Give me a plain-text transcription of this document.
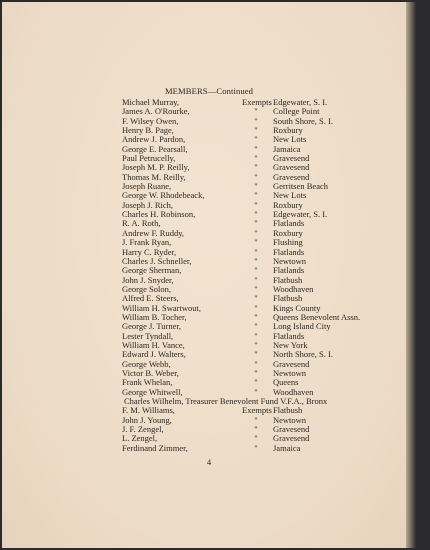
MEMBERS—Continued
Michael Murray,	Exempts Edgewater, S. I.
James A. O'Rourke,	"	College Point
F. Wilsey Owen,	"	South Shore, S. I.
Henry B. Page,	"	Roxbury
Andrew J. Pardon,	"	New Lots
George E. Pearsall,	"	Jamaica
Paul Petrucelly,	"	Gravesend
Joseph M. P. Reilly,	"	Gravesend
Thomas M. Reilly,	"	Gravesend
Joseph Ruane,	"	Gerritsen Beach
George W. Rhodebeack,	"	New Lots
Joseph J. Rich,	"	Roxbury
Charles H. Robinson,	"	Edgewater, S. I.
R. A. Roth,	"	Flatlands
Andrew F. Ruddy,	"	Roxbury
J. Frank Ryan,	"	Flushing
Harry C. Ryder,	"	Flatlands
Charles J. Schneller,	"	Newtown
George Sherman,	"	Flatlands
John J. Snyder,	"	Flatbush
George Solon,	"	Woodhaven
Alfred E. Steers,	"	Flatbush
William H. Swartwout,	"	Kings County
William B. Tocher,	"	Queens Benevolent Assn.
George J. Turner,	"	Long Island City
Lester Tyndall,	"	Flatlands
William H. Vance,	"	New York
Edward J. Walters,	"	North Shore, S. I.
George Webb,	"	Gravesend
Victor B. Weber,	"	Newtown
Frank Whelan,	"	Queens
George Whitwell,	"	Woodhaven
Charles Wilhelm, Treasurer Benevolent Fund V.F.A., Bronx
F. M. Williams,	Exempts Flatbush
John J. Young,	"	Newtown
J. F. Zengel,	"	Gravesend
L. Zengel,	"	Gravesend
Ferdinand Zimmer,	"	Jamaica
4
